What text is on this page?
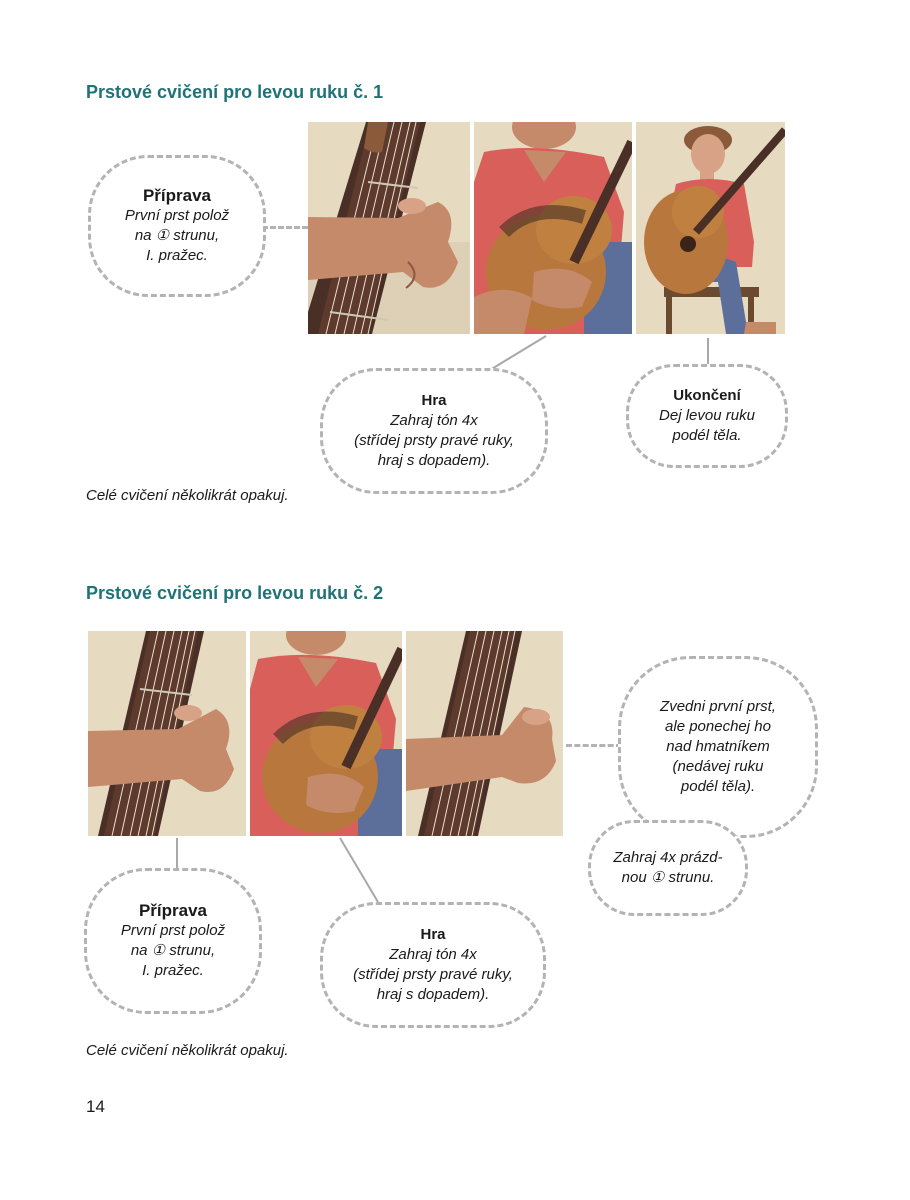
Prstové cvičení pro levou ruku č. 1
Příprava
První prst polož
na ① strunu,
I. pražec.
Hra
Zahraj tón 4x
(střídej prsty pravé ruky,
hraj s dopadem).
Ukončení
Dej levou ruku
podél těla.

Celé cvičení několikrát opakuj.

Prstové cvičení pro levou ruku č. 2
Zvedni první prst,
ale ponechej ho
nad hmatníkem
(nedávej ruku
podél těla).
Zahraj 4x prázd-
nou ① strunu.
Příprava
První prst polož
na ① strunu,
I. pražec.
Hra
Zahraj tón 4x
(střídej prsty pravé ruky,
hraj s dopadem).

Celé cvičení několikrát opakuj.

14
